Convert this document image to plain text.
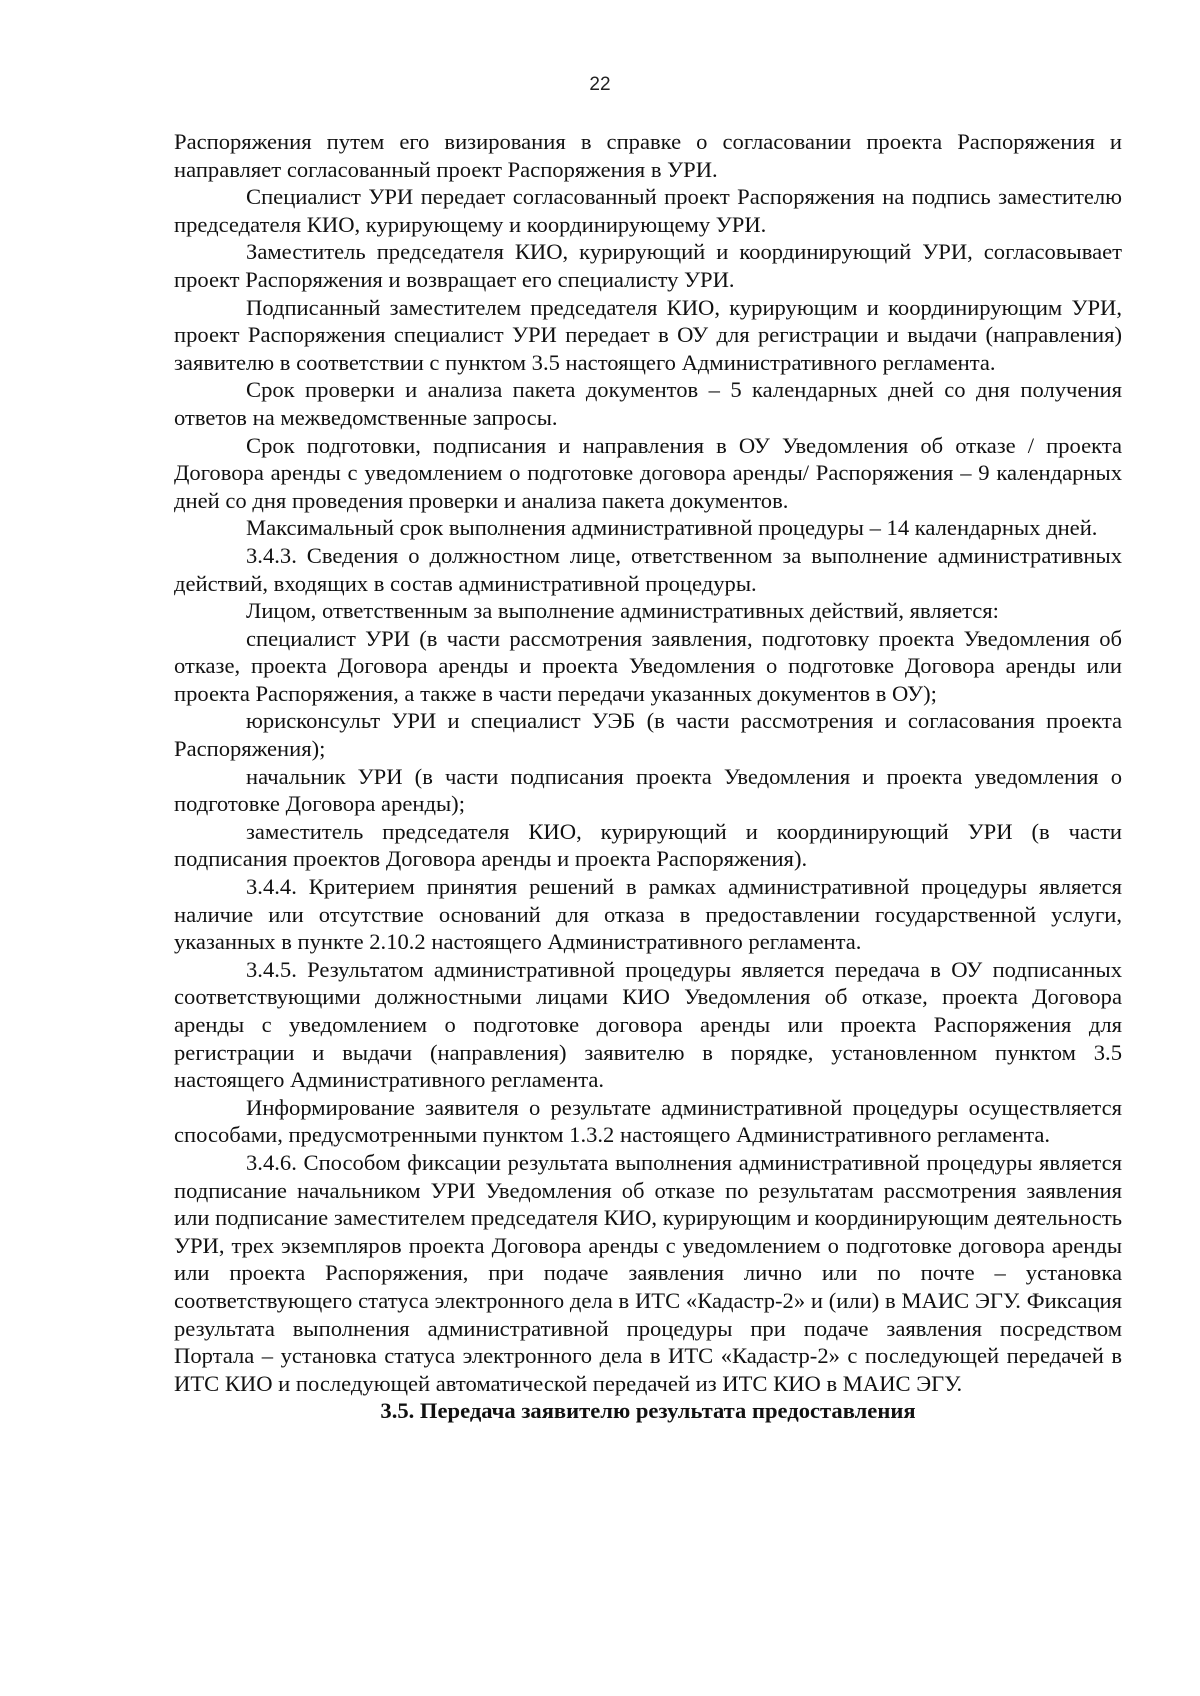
22

Распоряжения путем его визирования в справке о согласовании проекта Распоряжения и направляет согласованный проект Распоряжения в УРИ.

Специалист УРИ передает согласованный проект Распоряжения на подпись заместителю председателя КИО, курирующему и координирующему УРИ.

Заместитель председателя КИО, курирующий и координирующий УРИ, согласовывает проект Распоряжения и возвращает его специалисту УРИ.

Подписанный заместителем председателя КИО, курирующим и координирующим УРИ, проект Распоряжения специалист УРИ передает в ОУ для регистрации и выдачи (направления) заявителю в соответствии с пунктом 3.5 настоящего Административного регламента.

Срок проверки и анализа пакета документов – 5 календарных дней со дня получения ответов на межведомственные запросы.

Срок подготовки, подписания и направления в ОУ Уведомления об отказе / проекта Договора аренды с уведомлением о подготовке договора аренды/ Распоряжения – 9 календарных дней со дня проведения проверки и анализа пакета документов.

Максимальный срок выполнения административной процедуры – 14 календарных дней.

3.4.3. Сведения о должностном лице, ответственном за выполнение административных действий, входящих в состав административной процедуры.

Лицом, ответственным за выполнение административных действий, является:

специалист УРИ (в части рассмотрения заявления, подготовку проекта Уведомления об отказе, проекта Договора аренды и проекта Уведомления о подготовке Договора аренды или проекта Распоряжения, а также в части передачи указанных документов в ОУ);

юрисконсульт УРИ и специалист УЭБ (в части рассмотрения и согласования проекта Распоряжения);

начальник УРИ (в части подписания проекта Уведомления и проекта уведомления о подготовке Договора аренды);

заместитель председателя КИО, курирующий и координирующий УРИ (в части подписания проектов Договора аренды и проекта Распоряжения).

3.4.4. Критерием принятия решений в рамках административной процедуры является наличие или отсутствие оснований для отказа в предоставлении государственной услуги, указанных в пункте 2.10.2 настоящего Административного регламента.

3.4.5. Результатом административной процедуры является передача в ОУ подписанных соответствующими должностными лицами КИО Уведомления об отказе, проекта Договора аренды с уведомлением о подготовке договора аренды или проекта Распоряжения для регистрации и выдачи (направления) заявителю в порядке, установленном пунктом 3.5 настоящего Административного регламента.

Информирование заявителя о результате административной процедуры осуществляется способами, предусмотренными пунктом 1.3.2 настоящего Административного регламента.

3.4.6. Способом фиксации результата выполнения административной процедуры является подписание начальником УРИ Уведомления об отказе по результатам рассмотрения заявления или подписание заместителем председателя КИО, курирующим и координирующим деятельность УРИ, трех экземпляров проекта Договора аренды с уведомлением о подготовке договора аренды или проекта Распоряжения, при подаче заявления лично или по почте – установка соответствующего статуса электронного дела в ИТС «Кадастр-2» и (или) в МАИС ЭГУ. Фиксация результата выполнения административной процедуры при подаче заявления посредством Портала – установка статуса электронного дела в ИТС «Кадастр-2» с последующей передачей в ИТС КИО и последующей автоматической передачей из ИТС КИО в МАИС ЭГУ.

3.5. Передача заявителю результата предоставления
